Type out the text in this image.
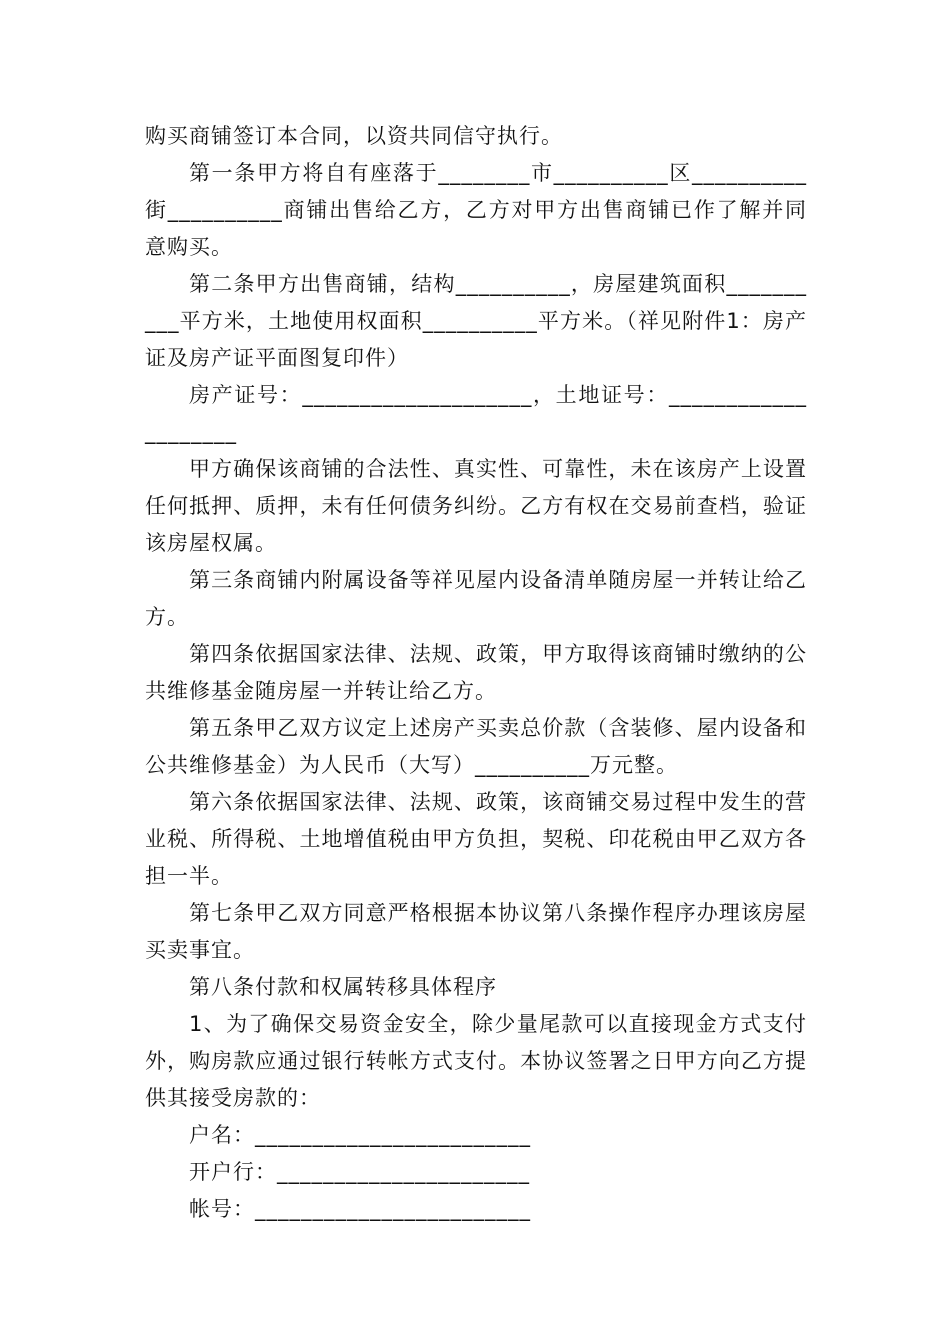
购买商铺签订本合同，以资共同信守执行。

第一条甲方将自有座落于________市__________区__________街__________商铺出售给乙方，乙方对甲方出售商铺已作了解并同意购买。

第二条甲方出售商铺，结构__________，房屋建筑面积__________平方米，土地使用权面积__________平方米。（祥见附件1：房产证及房产证平面图复印件）

房产证号：____________________，土地证号：____________________

甲方确保该商铺的合法性、真实性、可靠性，未在该房产上设置任何抵押、质押，未有任何债务纠纷。乙方有权在交易前查档，验证该房屋权属。

第三条商铺内附属设备等祥见屋内设备清单随房屋一并转让给乙方。

第四条依据国家法律、法规、政策，甲方取得该商铺时缴纳的公共维修基金随房屋一并转让给乙方。

第五条甲乙双方议定上述房产买卖总价款（含装修、屋内设备和公共维修基金）为人民币（大写）__________万元整。

第六条依据国家法律、法规、政策，该商铺交易过程中发生的营业税、所得税、土地增值税由甲方负担，契税、印花税由甲乙双方各担一半。

第七条甲乙双方同意严格根据本协议第八条操作程序办理该房屋买卖事宜。

第八条付款和权属转移具体程序

1、为了确保交易资金安全，除少量尾款可以直接现金方式支付外，购房款应通过银行转帐方式支付。本协议签署之日甲方向乙方提供其接受房款的：

户名：________________________

开户行：______________________

帐号：________________________
